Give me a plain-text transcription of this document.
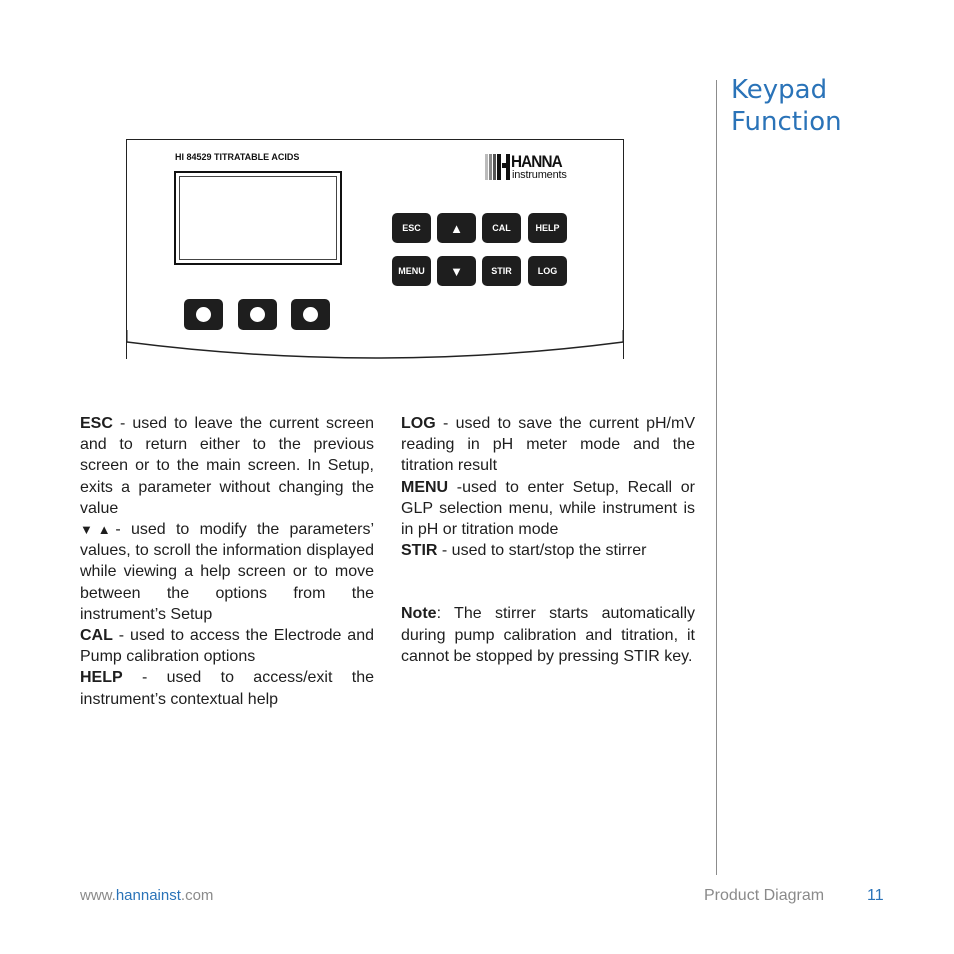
Keypad
Function
HI 84529 TITRATABLE ACIDS	HANNA
instruments
ESC ▲	CAL	HELP
MENU ▼	STIR	LOG

ESC - used to leave the current screen and to return either to the previous screen or to the main screen. In Setup, exits a parameter without changing the value

▼▲- used to modify the parameters’ values, to scroll the information displayed while viewing a help screen or to move between the options from the instrument’s Setup

CAL - used to access the Electrode and Pump calibration options

HELP - used to access/exit the instrument’s contextual help

LOG - used to save the current pH/mV reading in pH meter mode and the titration result

MENU -used to enter Setup, Recall or GLP selection menu, while instrument is in pH or titration mode

STIR - used to start/stop the stirrer

Note: The stirrer starts automatically during pump calibration and titration, it cannot be stopped by pressing STIR key.

www.hannainst.com	Product Diagram	11
